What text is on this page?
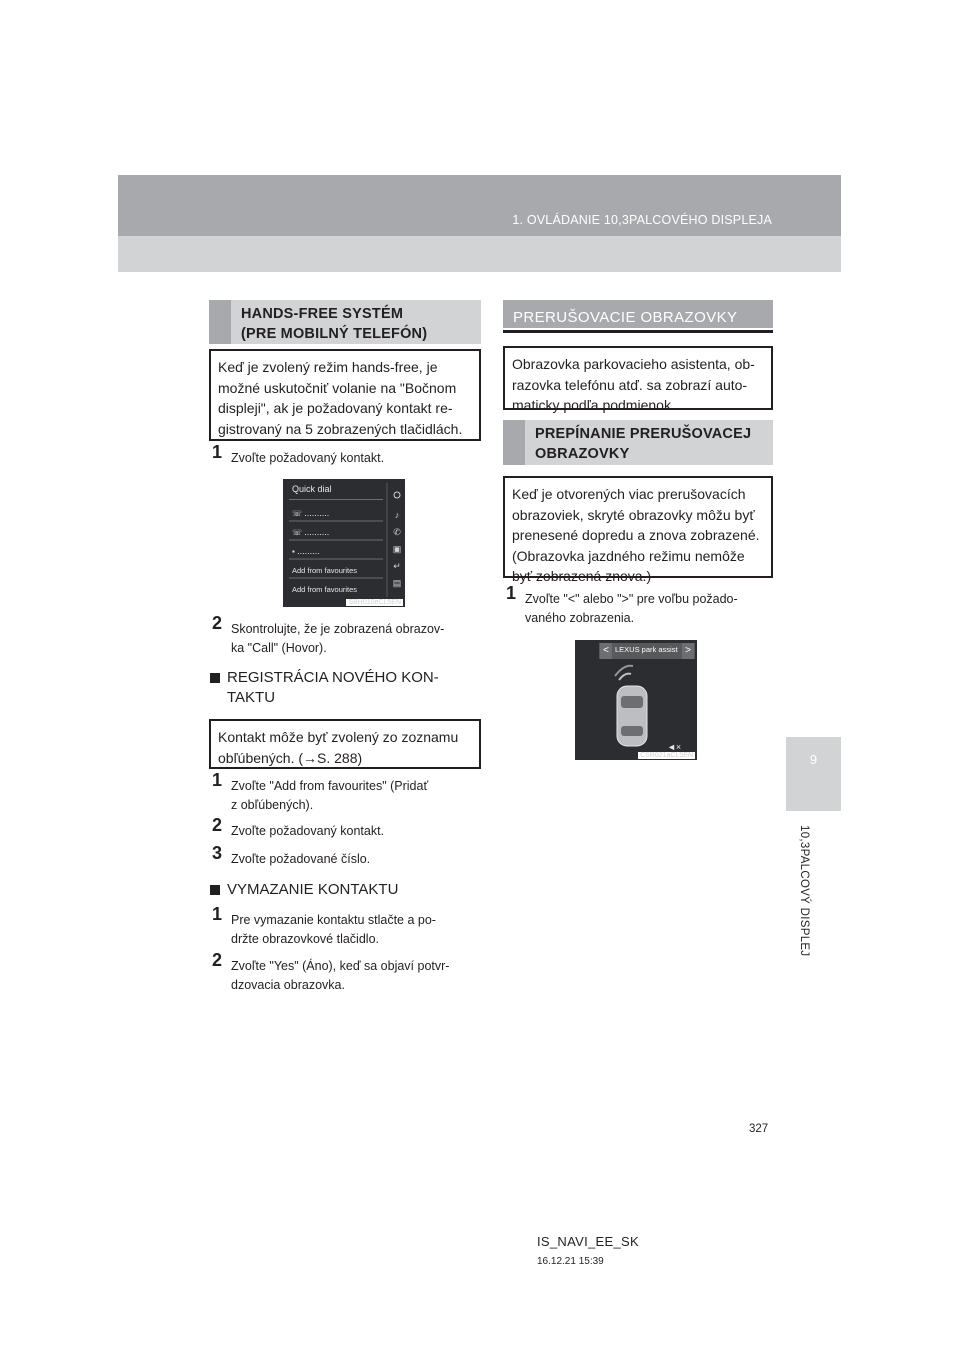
1. OVLÁDANIE 10,3PALCOVÉHO DISPLEJA
9
10,3PALCOVÝ DISPLEJ
HANDS-FREE SYSTÉM
(PRE MOBILNÝ TELEFÓN)
Keď je zvolený režim hands-free, je
možné uskutočniť volanie na "Bočnom
displeji", ak je požadovaný kontakt re-
gistrovaný na 5 zobrazených tlačidlách.
1 Zvoľte požadovaný kontakt.
Quick dial
☏ ..........
☏ ..........
▪ .........
Add from favourites
Add from favourites
♪
✆
▣
↵
▤
SBH010eCL5EN
2 Skontrolujte, že je zobrazená obrazov-
ka "Call" (Hovor).
REGISTRÁCIA NOVÉHO KON-
TAKTU
Kontakt môže byť zvolený zo zoznamu
obľúbených. (→S. 288)
1 Zvoľte "Add from favourites" (Pridať
z obľúbených).
2 Zvoľte požadovaný kontakt.
3 Zvoľte požadované číslo.
VYMAZANIE KONTAKTU
1 Pre vymazanie kontaktu stlačte a po-
držte obrazovkové tlačidlo.
2 Zvoľte "Yes" (Áno), keď sa objaví potvr-
dzovacia obrazovka.
PRERUŠOVACIE OBRAZOVKY
Obrazovka parkovacieho asistenta, ob-
razovka telefónu atď. sa zobrazí auto-
maticky podľa podmienok.
PREPÍNANIE PRERUŠOVACEJ
OBRAZOVKY
Keď je otvorených viac prerušovacích
obrazoviek, skryté obrazovky môžu byť
prenesené dopredu a znova zobrazené.
(Obrazovka jazdného režimu nemôže
byť zobrazená znova.)
1 Zvoľte "<" alebo ">" pre voľbu požado-
vaného zobrazenia.
<	>
LEXUS park assist
◄×
CSR021aCL5EN
327
IS_NAVI_EE_SK
16.12.21 15:39
